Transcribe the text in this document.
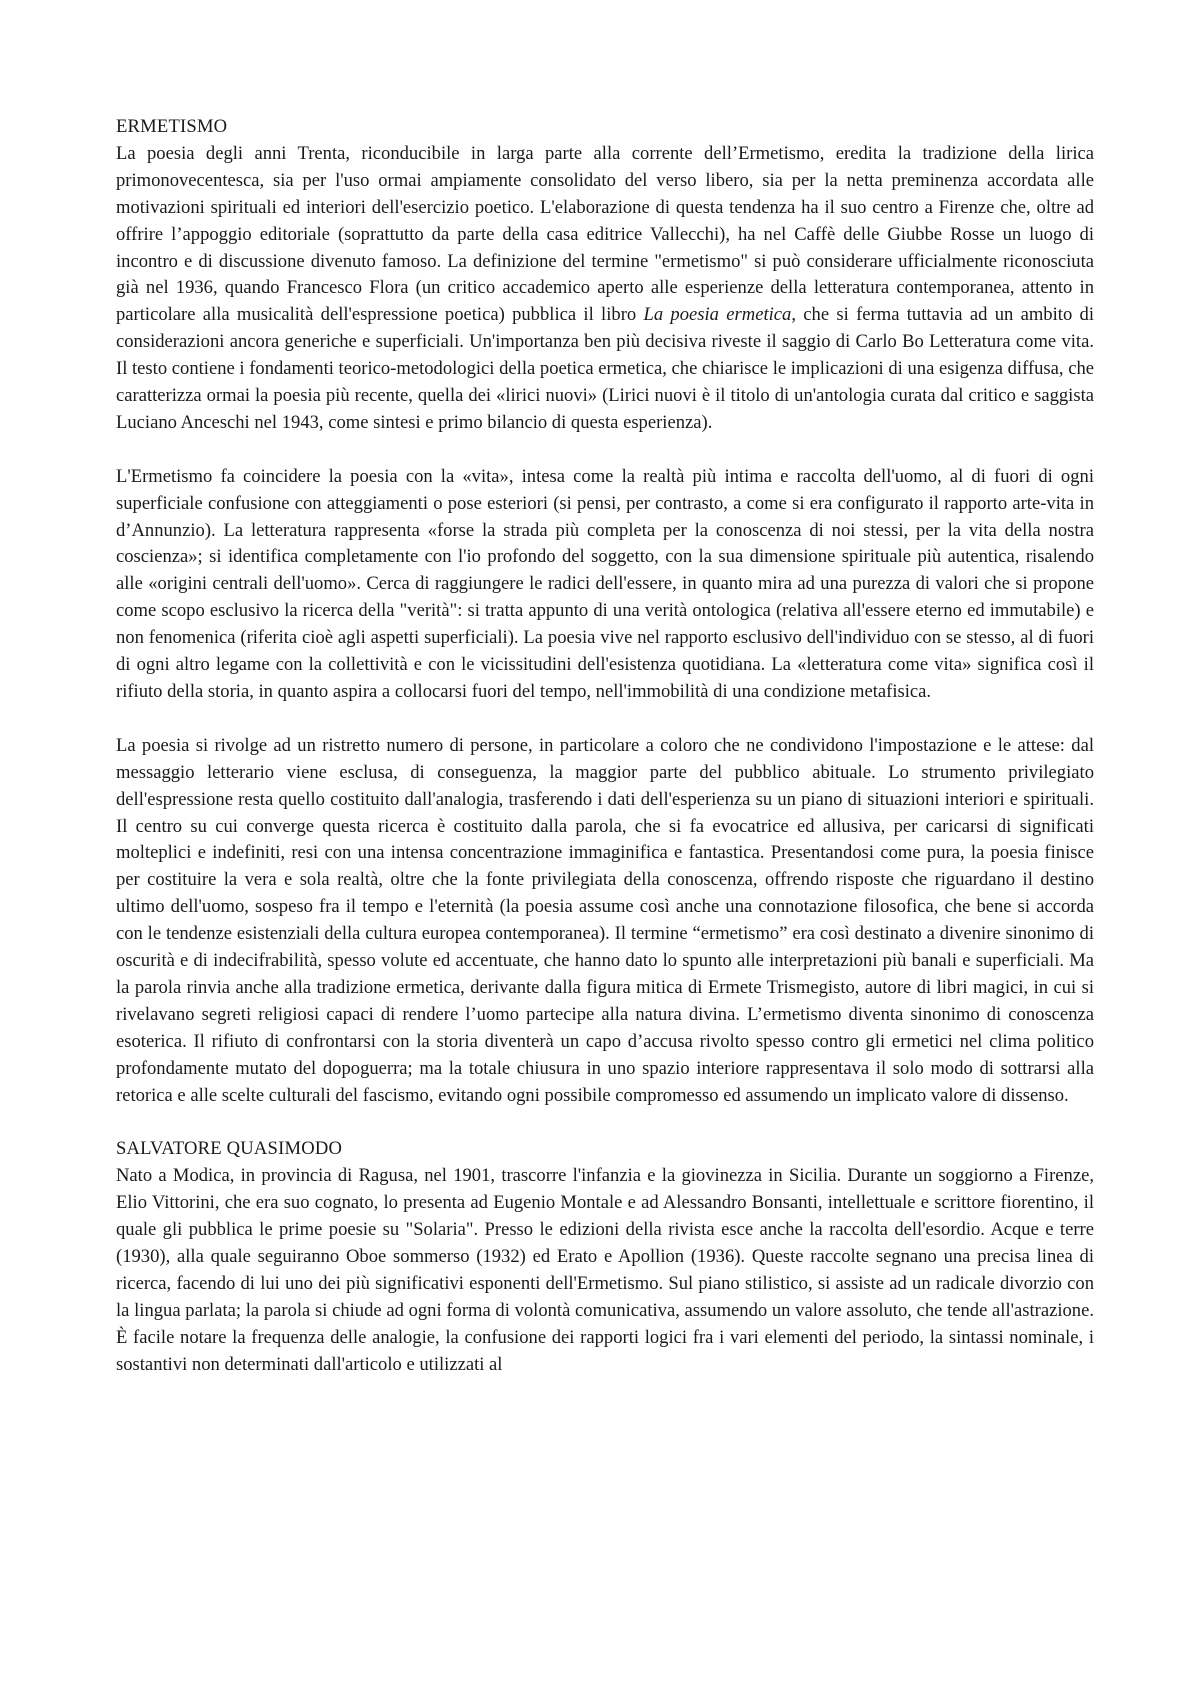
ERMETISMO

La poesia degli anni Trenta, riconducibile in larga parte alla corrente dell’Ermetismo, eredita la tradizione della lirica primonovecentesca, sia per l'uso ormai ampiamente consolidato del verso libero, sia per la netta preminenza accordata alle motivazioni spirituali ed interiori dell'esercizio poetico. L'elaborazione di questa tendenza ha il suo centro a Firenze che, oltre ad offrire l’appoggio editoriale (soprattutto da parte della casa editrice Vallecchi), ha nel Caffè delle Giubbe Rosse un luogo di incontro e di discussione divenuto famoso. La definizione del termine "ermetismo" si può considerare ufficialmente riconosciuta già nel 1936, quando Francesco Flora (un critico accademico aperto alle esperienze della letteratura contemporanea, attento in particolare alla musicalità dell'espressione poetica) pubblica il libro La poesia ermetica, che si ferma tuttavia ad un ambito di considerazioni ancora generiche e superficiali. Un'importanza ben più decisiva riveste il saggio di Carlo Bo Letteratura come vita. Il testo contiene i fondamenti teorico-metodologici della poetica ermetica, che chiarisce le implicazioni di una esigenza diffusa, che caratterizza ormai la poesia più recente, quella dei «lirici nuovi» (Lirici nuovi è il titolo di un'antologia curata dal critico e saggista Luciano Anceschi nel 1943, come sintesi e primo bilancio di questa esperienza).

L'Ermetismo fa coincidere la poesia con la «vita», intesa come la realtà più intima e raccolta dell'uomo, al di fuori di ogni superficiale confusione con atteggiamenti o pose esteriori (si pensi, per contrasto, a come si era configurato il rapporto arte-vita in d’Annunzio). La letteratura rappresenta «forse la strada più completa per la conoscenza di noi stessi, per la vita della nostra coscienza»; si identifica completamente con l'io profondo del soggetto, con la sua dimensione spirituale più autentica, risalendo alle «origini centrali dell'uomo». Cerca di raggiungere le radici dell'essere, in quanto mira ad una purezza di valori che si propone come scopo esclusivo la ricerca della "verità": si tratta appunto di una verità ontologica (relativa all'essere eterno ed immutabile) e non fenomenica (riferita cioè agli aspetti superficiali). La poesia vive nel rapporto esclusivo dell'individuo con se stesso, al di fuori di ogni altro legame con la collettività e con le vicissitudini dell'esistenza quotidiana. La «letteratura come vita» significa così il rifiuto della storia, in quanto aspira a collocarsi fuori del tempo, nell'immobilità di una condizione metafisica.

La poesia si rivolge ad un ristretto numero di persone, in particolare a coloro che ne condividono l'impostazione e le attese: dal messaggio letterario viene esclusa, di conseguenza, la maggior parte del pubblico abituale. Lo strumento privilegiato dell'espressione resta quello costituito dall'analogia, trasferendo i dati dell'esperienza su un piano di situazioni interiori e spirituali. Il centro su cui converge questa ricerca è costituito dalla parola, che si fa evocatrice ed allusiva, per caricarsi di significati molteplici e indefiniti, resi con una intensa concentrazione immaginifica e fantastica. Presentandosi come pura, la poesia finisce per costituire la vera e sola realtà, oltre che la fonte privilegiata della conoscenza, offrendo risposte che riguardano il destino ultimo dell'uomo, sospeso fra il tempo e l'eternità (la poesia assume così anche una connotazione filosofica, che bene si accorda con le tendenze esistenziali della cultura europea contemporanea). Il termine “ermetismo” era così destinato a divenire sinonimo di oscurità e di indecifrabilità, spesso volute ed accentuate, che hanno dato lo spunto alle interpretazioni più banali e superficiali. Ma la parola rinvia anche alla tradizione ermetica, derivante dalla figura mitica di Ermete Trismegisto, autore di libri magici, in cui si rivelavano segreti religiosi capaci di rendere l’uomo partecipe alla natura divina. L’ermetismo diventa sinonimo di conoscenza esoterica. Il rifiuto di confrontarsi con la storia diventerà un capo d’accusa rivolto spesso contro gli ermetici nel clima politico profondamente mutato del dopoguerra; ma la totale chiusura in uno spazio interiore rappresentava il solo modo di sottrarsi alla retorica e alle scelte culturali del fascismo, evitando ogni possibile compromesso ed assumendo un implicato valore di dissenso.

SALVATORE QUASIMODO

Nato a Modica, in provincia di Ragusa, nel 1901, trascorre l'infanzia e la giovinezza in Sicilia. Durante un soggiorno a Firenze, Elio Vittorini, che era suo cognato, lo presenta ad Eugenio Montale e ad Alessandro Bonsanti, intellettuale e scrittore fiorentino, il quale gli pubblica le prime poesie su "Solaria". Presso le edizioni della rivista esce anche la raccolta dell'esordio. Acque e terre (1930), alla quale seguiranno Oboe sommerso (1932) ed Erato e Apollion (1936). Queste raccolte segnano una precisa linea di ricerca, facendo di lui uno dei più significativi esponenti dell'Ermetismo. Sul piano stilistico, si assiste ad un radicale divorzio con la lingua parlata; la parola si chiude ad ogni forma di volontà comunicativa, assumendo un valore assoluto, che tende all'astrazione. È facile notare la frequenza delle analogie, la confusione dei rapporti logici fra i vari elementi del periodo, la sintassi nominale, i sostantivi non determinati dall'articolo e utilizzati al
